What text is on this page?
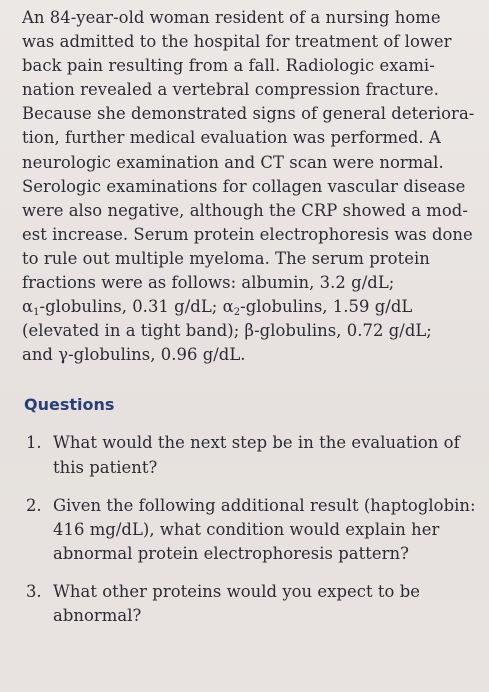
An 84-year-old woman resident of a nursing home
was admitted to the hospital for treatment of lower
back pain resulting from a fall. Radiologic exami-
nation revealed a vertebral compression fracture.
Because she demonstrated signs of general deteriora-
tion, further medical evaluation was performed. A
neurologic examination and CT scan were normal.
Serologic examinations for collagen vascular disease
were also negative, although the CRP showed a mod-
est increase. Serum protein electrophoresis was done
to rule out multiple myeloma. The serum protein
fractions were as follows: albumin, 3.2 g/dL;
$\alpha_1$-globulins, 0.31 g/dL; $\alpha_2$-globulins, 1.59 g/dL
(elevated in a tight band); β-globulins, 0.72 g/dL;
and γ-globulins, 0.96 g/dL.
Questions
1. What would the next step be in the evaluation of
this patient?
2. Given the following additional result (haptoglobin:
416 mg/dL), what condition would explain her
abnormal protein electrophoresis pattern?
3. What other proteins would you expect to be
abnormal?
